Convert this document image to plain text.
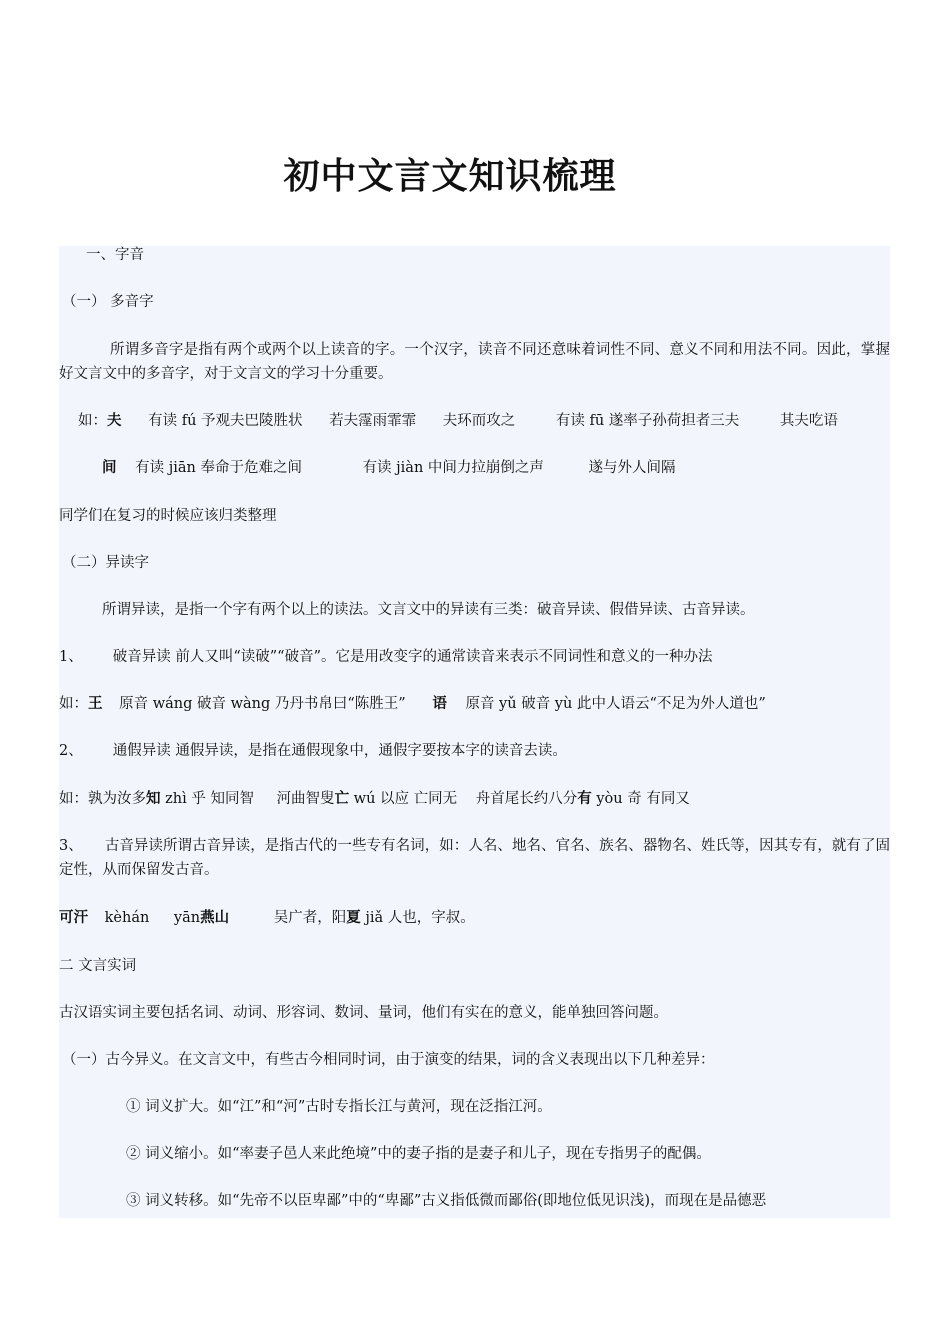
初中文言文知识梳理
一、字音
（一） 多音字
所谓多音字是指有两个或两个以上读音的字。一个汉字，读音不同还意味着词性不同、意义不同和用法不同。因此，掌握好文言文中的多音字，对于文言文的学习十分重要。
如：夫 有读 fú 予观夫巴陵胜状 若夫霪雨霏霏 夫环而攻之	有读 fū 遂率子孙荷担者三夫	其夫吃语
间 有读 jiān 奉命于危难之间	有读 jiàn 中间力拉崩倒之声	遂与外人间隔
同学们在复习的时候应该归类整理
（二）异读字
所谓异读，是指一个字有两个以上的读法。文言文中的异读有三类：破音异读、假借异读、古音异读。
1、 破音异读 前人又叫“读破”“破音”。它是用改变字的通常读音来表示不同词性和意义的一种办法
如：王 原音 wáng 破音 wàng 乃丹书帛曰“陈胜王” 语 原音 yǔ 破音 yù 此中人语云“不足为外人道也”
2、 通假异读 通假异读，是指在通假现象中，通假字要按本字的读音去读。
如：孰为汝多知 zhì 乎 知同智 河曲智叟亡 wú 以应 亡同无 舟首尾长约八分有 yòu 奇 有同又
3、 古音异读所谓古音异读，是指古代的一些专有名词，如：人名、地名、官名、族名、器物名、姓氏等，因其专有，就有了固定性，从而保留发古音。
可汗 kèhán yān燕山	吴广者，阳夏 jiǎ 人也，字叔。
二 文言实词
古汉语实词主要包括名词、动词、形容词、数词、量词，他们有实在的意义，能单独回答问题。
（一）古今异义。在文言文中，有些古今相同时词，由于演变的结果，词的含义表现出以下几种差异：
① 词义扩大。如“江”和“河”古时专指长江与黄河，现在泛指江河。
② 词义缩小。如“率妻子邑人来此绝境”中的妻子指的是妻子和儿子，现在专指男子的配偶。
③ 词义转移。如“先帝不以臣卑鄙”中的“卑鄙”古义指低微而鄙俗(即地位低见识浅)，而现在是品德恶
